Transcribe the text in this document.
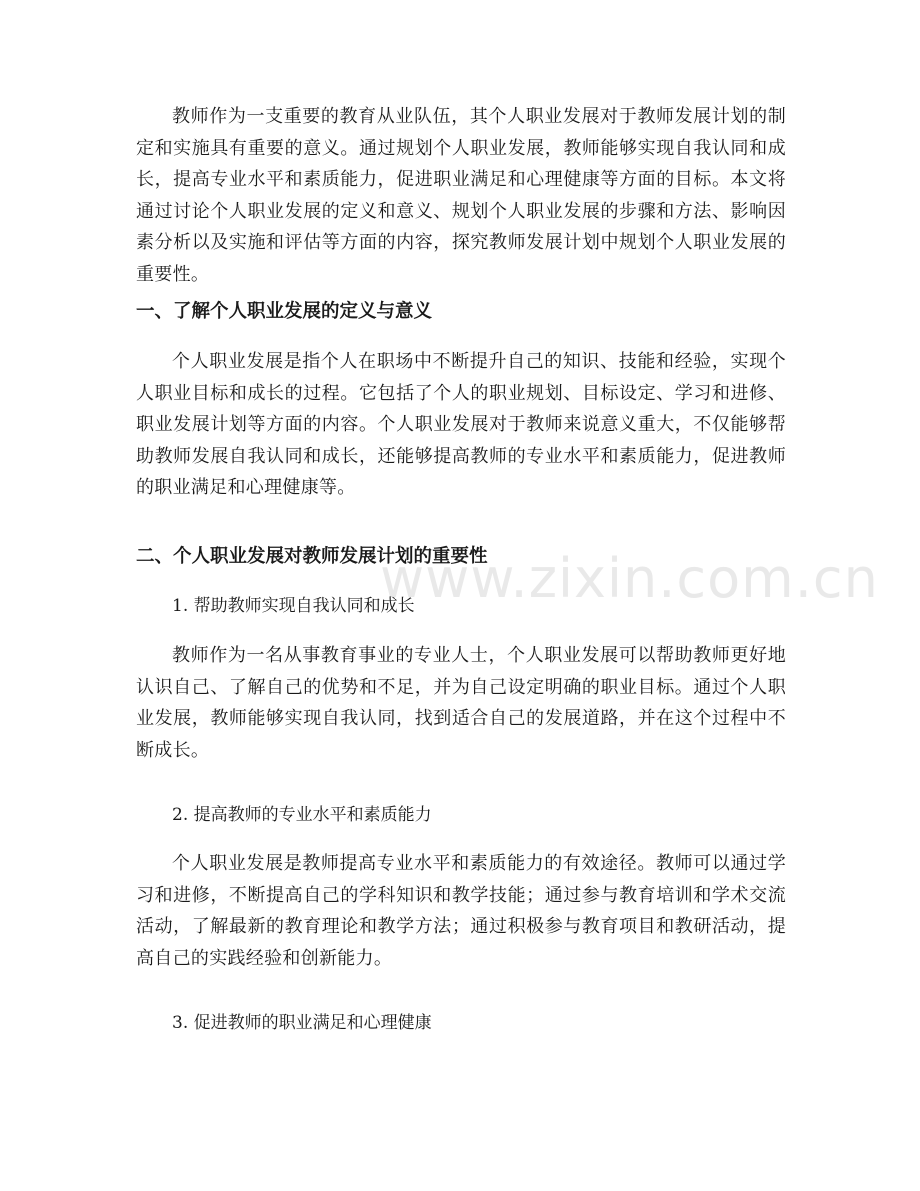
www.zixin.com.cn

教师作为一支重要的教育从业队伍，其个人职业发展对于教师发展计划的制定和实施具有重要的意义。通过规划个人职业发展，教师能够实现自我认同和成长，提高专业水平和素质能力，促进职业满足和心理健康等方面的目标。本文将通过讨论个人职业发展的定义和意义、规划个人职业发展的步骤和方法、影响因素分析以及实施和评估等方面的内容，探究教师发展计划中规划个人职业发展的重要性。

一、了解个人职业发展的定义与意义

个人职业发展是指个人在职场中不断提升自己的知识、技能和经验，实现个人职业目标和成长的过程。它包括了个人的职业规划、目标设定、学习和进修、职业发展计划等方面的内容。个人职业发展对于教师来说意义重大，不仅能够帮助教师发展自我认同和成长，还能够提高教师的专业水平和素质能力，促进教师的职业满足和心理健康等。

二、个人职业发展对教师发展计划的重要性
1. 帮助教师实现自我认同和成长

教师作为一名从事教育事业的专业人士，个人职业发展可以帮助教师更好地认识自己、了解自己的优势和不足，并为自己设定明确的职业目标。通过个人职业发展，教师能够实现自我认同，找到适合自己的发展道路，并在这个过程中不断成长。

2. 提高教师的专业水平和素质能力

个人职业发展是教师提高专业水平和素质能力的有效途径。教师可以通过学习和进修，不断提高自己的学科知识和教学技能；通过参与教育培训和学术交流活动，了解最新的教育理论和教学方法；通过积极参与教育项目和教研活动，提高自己的实践经验和创新能力。

3. 促进教师的职业满足和心理健康
